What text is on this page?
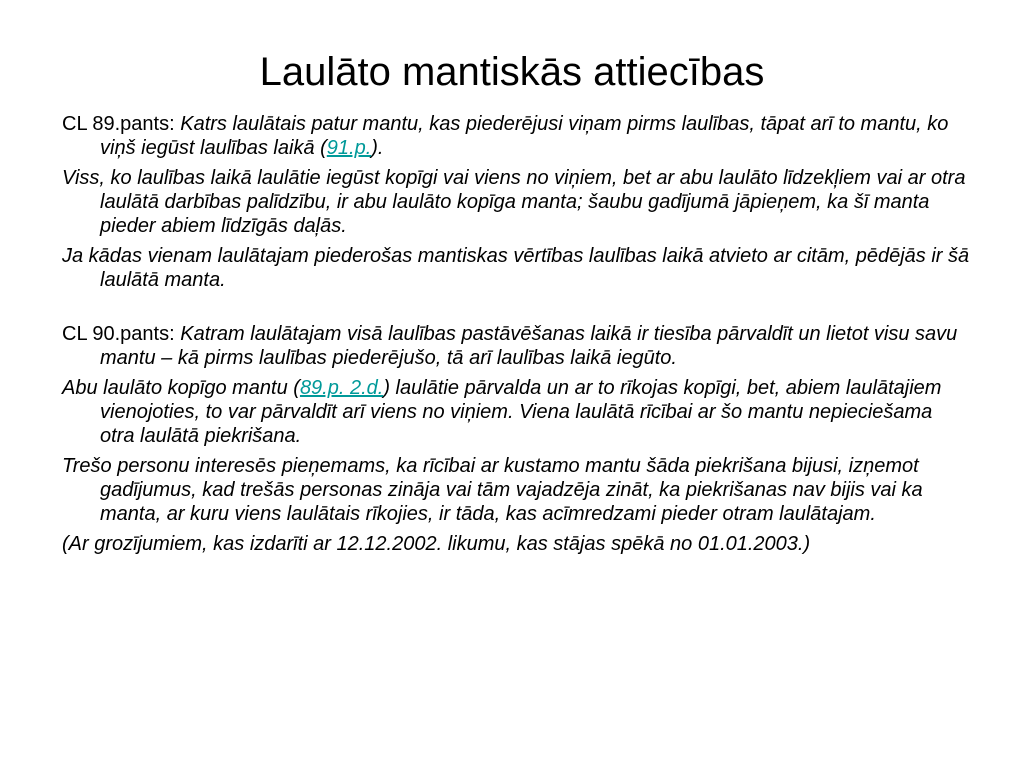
Laulāto mantiskās attiecības

CL 89.pants: Katrs laulātais patur mantu, kas piederējusi viņam pirms laulības, tāpat arī to mantu, ko viņš iegūst laulības laikā (91.p.).

Viss, ko laulības laikā laulātie iegūst kopīgi vai viens no viņiem, bet ar abu laulāto līdzekļiem vai ar otra laulātā darbības palīdzību, ir abu laulāto kopīga manta; šaubu gadījumā jāpieņem, ka šī manta pieder abiem līdzīgās daļās.

Ja kādas vienam laulātajam piederošas mantiskas vērtības laulības laikā atvieto ar citām, pēdējās ir šā laulātā manta.

CL 90.pants: Katram laulātajam visā laulības pastāvēšanas laikā ir tiesība pārvaldīt un lietot visu savu mantu – kā pirms laulības piederējušo, tā arī laulības laikā iegūto.

Abu laulāto kopīgo mantu (89.p. 2.d.) laulātie pārvalda un ar to rīkojas kopīgi, bet, abiem laulātajiem vienojoties, to var pārvaldīt arī viens no viņiem. Viena laulātā rīcībai ar šo mantu nepieciešama otra laulātā piekrišana.

Trešo personu interesēs pieņemams, ka rīcībai ar kustamo mantu šāda piekrišana bijusi, izņemot gadījumus, kad trešās personas zināja vai tām vajadzēja zināt, ka piekrišanas nav bijis vai ka manta, ar kuru viens laulātais rīkojies, ir tāda, kas acīmredzami pieder otram laulātajam.

(Ar grozījumiem, kas izdarīti ar 12.12.2002. likumu, kas stājas spēkā no 01.01.2003.)
